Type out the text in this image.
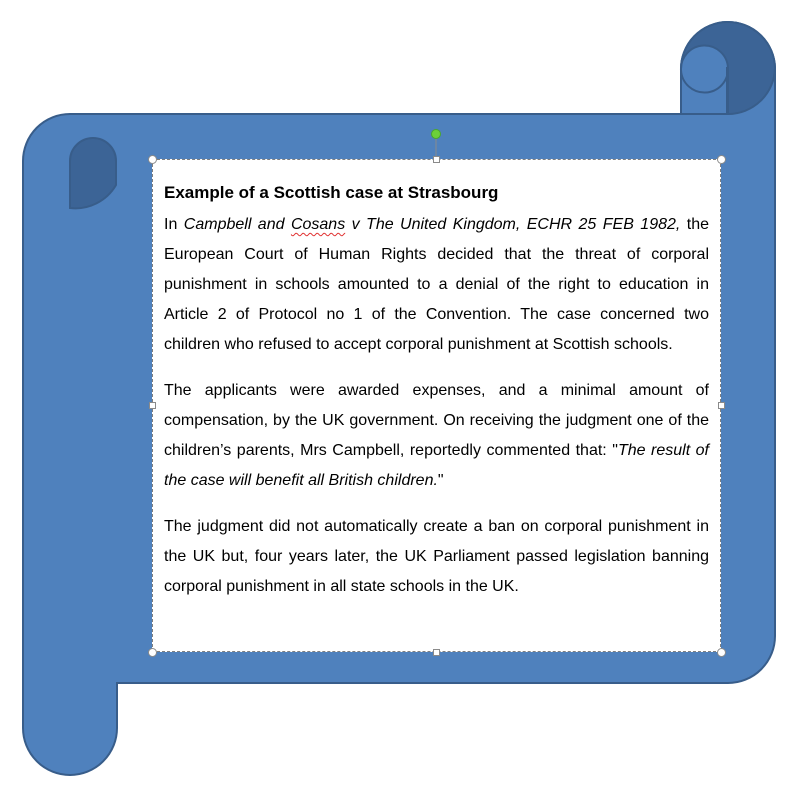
Example of a Scottish case at Strasbourg

In Campbell and Cosans v The United Kingdom, ECHR 25 FEB 1982, the European Court of Human Rights decided that the threat of corporal punishment in schools amounted to a denial of the right to education in Article 2 of Protocol no 1 of the Convention. The case concerned two children who refused to accept corporal punishment at Scottish schools.

The applicants were awarded expenses, and a minimal amount of compensation, by the UK government. On receiving the judgment one of the children’s parents, Mrs Campbell, reportedly commented that: "The result of the case will benefit all British children."

The judgment did not automatically create a ban on corporal punishment in the UK but, four years later, the UK Parliament passed legislation banning corporal punishment in all state schools in the UK.
